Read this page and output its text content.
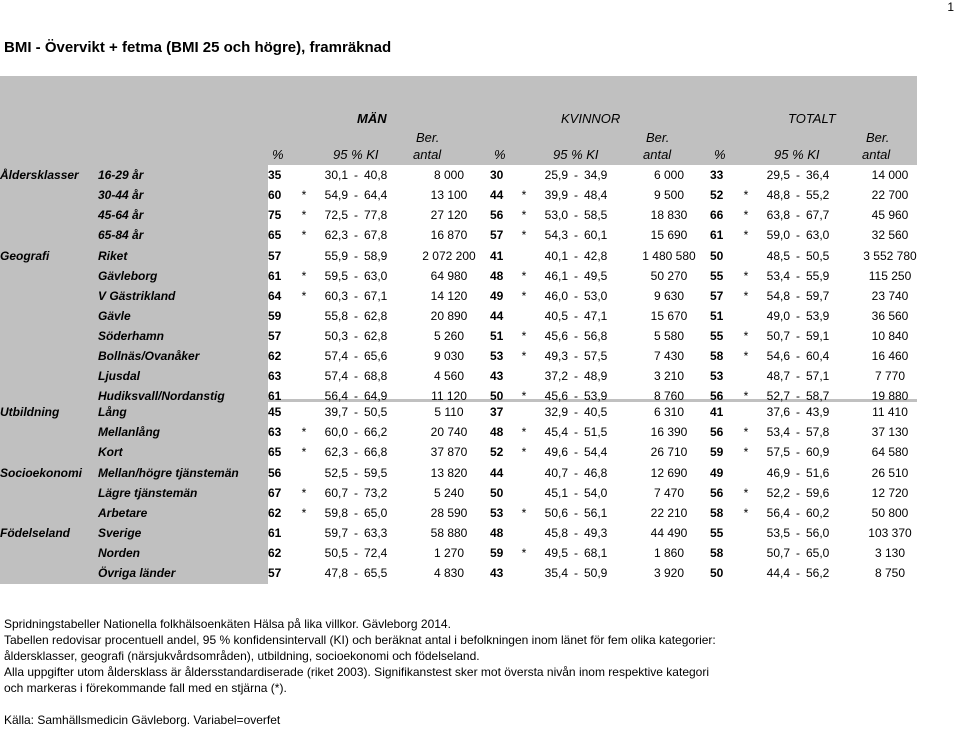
1
BMI - Övervikt + fetma (BMI 25 och högre), framräknad
MÄN	KVINNOR	TOTALT
%	95 % KI
Ber.
antal	%	95 % KI
Ber.
antal	%	95 % KI
Ber.
antal
Åldersklasser	16-29 år	35	30,1 - 40,8	8 000	30	25,9 - 34,9	6 000	33	29,5 - 36,4	14 000
30-44 år	60	*	54,9 - 64,4	13 100	44	*	39,9 - 48,4	9 500	52	*	48,8 - 55,2	22 700
45-64 år	75	*	72,5 - 77,8	27 120	56	*	53,0 - 58,5	18 830	66	*	63,8 - 67,7	45 960
65-84 år	65	*	62,3 - 67,8	16 870	57	*	54,3 - 60,1	15 690	61	*	59,0 - 63,0	32 560
Geografi	Riket	57	55,9 - 58,9	2 072 200	41	40,1 - 42,8	1 480 580	50	48,5 - 50,5	3 552 780
Gävleborg	61	*	59,5 - 63,0	64 980	48	*	46,1 - 49,5	50 270	55	*	53,4 - 55,9	115 250
V Gästrikland	64	*	60,3 - 67,1	14 120	49	*	46,0 - 53,0	9 630	57	*	54,8 - 59,7	23 740
Gävle	59	55,8 - 62,8	20 890	44	40,5 - 47,1	15 670	51	49,0 - 53,9	36 560
Söderhamn	57	50,3 - 62,8	5 260	51	*	45,6 - 56,8	5 580	55	*	50,7 - 59,1	10 840
Bollnäs/Ovanåker	62	57,4 - 65,6	9 030	53	*	49,3 - 57,5	7 430	58	*	54,6 - 60,4	16 460
Ljusdal	63	57,4 - 68,8	4 560	43	37,2 - 48,9	3 210	53	48,7 - 57,1	7 770
Hudiksvall/Nordanstig	61	56,4 - 64,9	11 120	50	*	45,6 - 53,9	8 760	56	*	52,7 - 58,7	19 880
Utbildning	Lång	45	39,7 - 50,5	5 110	37	32,9 - 40,5	6 310	41	37,6 - 43,9	11 410
Mellanlång	63	*	60,0 - 66,2	20 740	48	*	45,4 - 51,5	16 390	56	*	53,4 - 57,8	37 130
Kort	65	*	62,3 - 66,8	37 870	52	*	49,6 - 54,4	26 710	59	*	57,5 - 60,9	64 580
Socioekonomi	Mellan/högre tjänstemän	56	52,5 - 59,5	13 820	44	40,7 - 46,8	12 690	49	46,9 - 51,6	26 510
Lägre tjänstemän	67	*	60,7 - 73,2	5 240	50	45,1 - 54,0	7 470	56	*	52,2 - 59,6	12 720
Arbetare	62	*	59,8 - 65,0	28 590	53	*	50,6 - 56,1	22 210	58	*	56,4 - 60,2	50 800
Födelseland	Sverige	61	59,7 - 63,3	58 880	48	45,8 - 49,3	44 490	55	53,5 - 56,0	103 370
Norden	62	50,5 - 72,4	1 270	59	*	49,5 - 68,1	1 860	58	50,7 - 65,0	3 130
Övriga länder	57	47,8 - 65,5	4 830	43	35,4 - 50,9	3 920	50	44,4 - 56,2	8 750
Spridningstabeller Nationella folkhälsoenkäten Hälsa på lika villkor. Gävleborg 2014.
Tabellen redovisar procentuell andel, 95 % konfidensintervall (KI) och beräknat antal i befolkningen inom länet för fem olika kategorier:
åldersklasser, geografi (närsjukvårdsområden), utbildning, socioekonomi och födelseland.
Alla uppgifter utom åldersklass är åldersstandardiserade (riket 2003). Signifikanstest sker mot översta nivån inom respektive kategori
och markeras i förekommande fall med en stjärna (*).
Källa: Samhällsmedicin Gävleborg. Variabel=overfet
